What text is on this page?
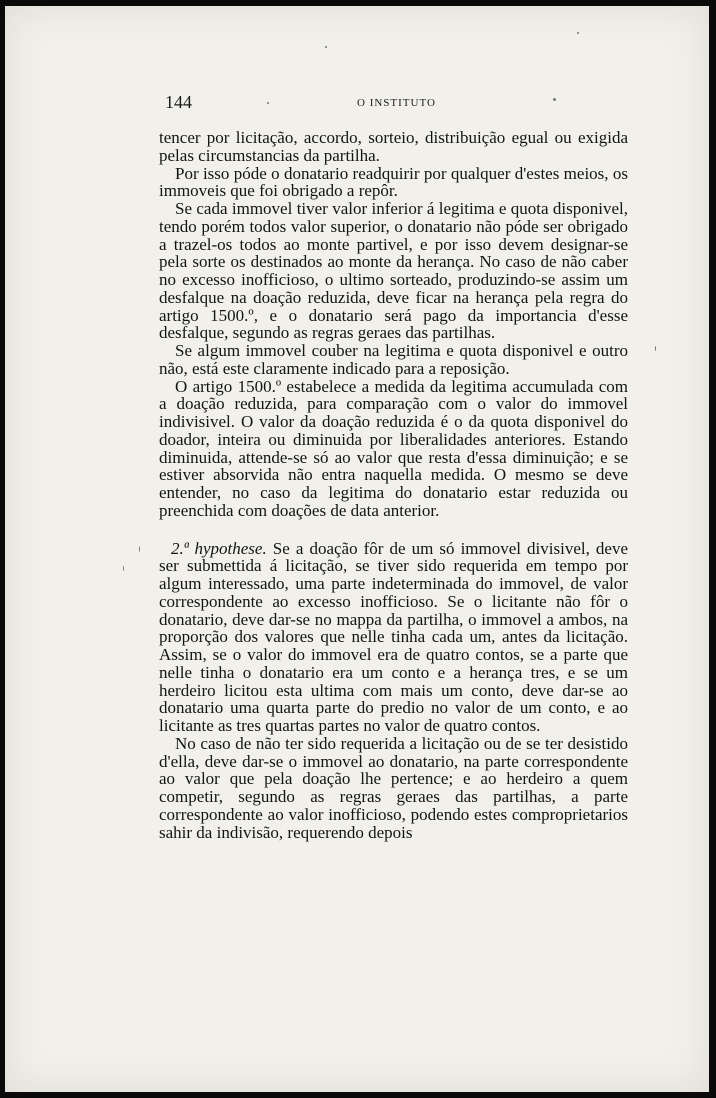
144	O INSTITUTO

tencer por licitação, accordo, sorteio, distribuição egual ou exigida pelas circumstancias da partilha.

Por isso póde o donatario readquirir por qualquer d'estes meios, os immoveis que foi obrigado a repôr.

Se cada immovel tiver valor inferior á legitima e quota disponivel, tendo porém todos valor superior, o donatario não póde ser obrigado a trazel-os todos ao monte partivel, e por isso devem designar-se pela sorte os destinados ao monte da herança. No caso de não caber no excesso inofficioso, o ultimo sorteado, produzindo-se assim um desfalque na doação reduzida, deve ficar na herança pela regra do artigo 1500.º, e o donatario será pago da importancia d'esse desfalque, segundo as regras geraes das partilhas.

Se algum immovel couber na legitima e quota disponivel e outro não, está este claramente indicado para a reposição.

O artigo 1500.º estabelece a medida da legitima accumulada com a doação reduzida, para comparação com o valor do immovel indivisivel. O valor da doação reduzida é o da quota disponivel do doador, inteira ou diminuida por liberalidades anteriores. Estando diminuida, attende-se só ao valor que resta d'essa diminuição; e se estiver absorvida não entra naquella medida. O mesmo se deve entender, no caso da legitima do donatario estar reduzida ou preenchida com doações de data anterior.

2.ª hypothese. Se a doação fôr de um só immovel divisivel, deve ser submettida á licitação, se tiver sido requerida em tempo por algum interessado, uma parte indeterminada do immovel, de valor correspondente ao excesso inofficioso. Se o licitante não fôr o donatario, deve dar-se no mappa da partilha, o immovel a ambos, na proporção dos valores que nelle tinha cada um, antes da licitação. Assim, se o valor do immovel era de quatro contos, se a parte que nelle tinha o donatario era um conto e a herança tres, e se um herdeiro licitou esta ultima com mais um conto, deve dar-se ao donatario uma quarta parte do predio no valor de um conto, e ao licitante as tres quartas partes no valor de quatro contos.

No caso de não ter sido requerida a licitação ou de se ter desistido d'ella, deve dar-se o immovel ao donatario, na parte correspondente ao valor que pela doação lhe pertence; e ao herdeiro a quem competir, segundo as regras geraes das partilhas, a parte correspondente ao valor inofficioso, podendo estes comproprietarios sahir da indivisão, requerendo depois
